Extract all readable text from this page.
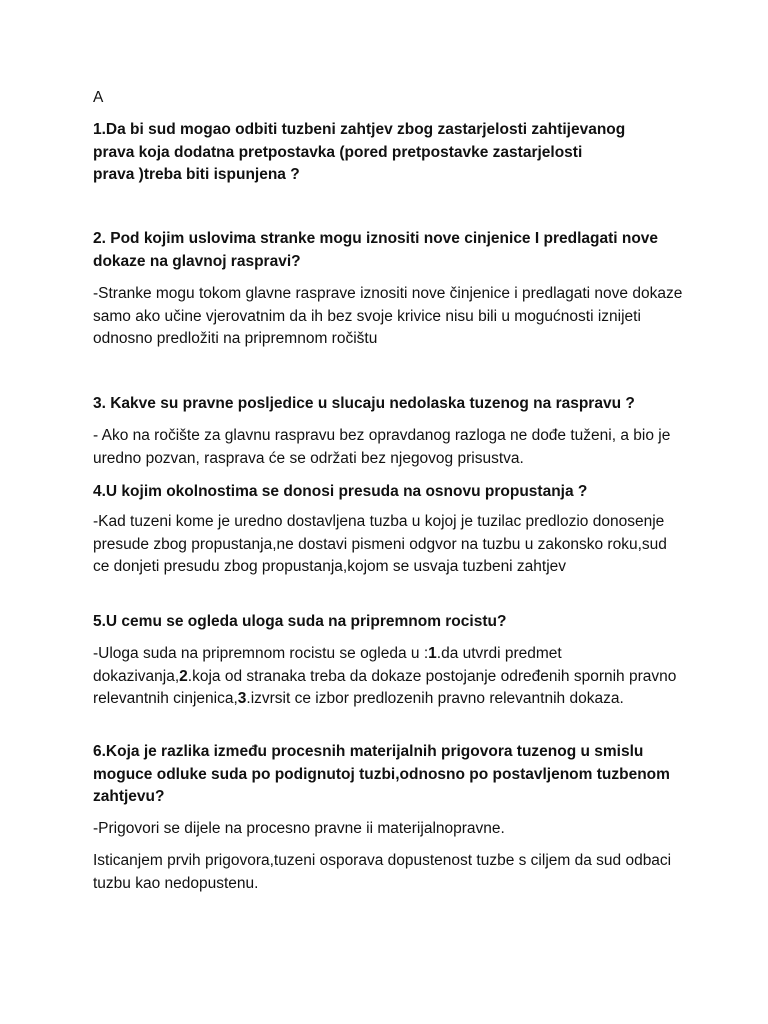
A

1.Da bi sud mogao odbiti tuzbeni zahtjev zbog zastarjelosti zahtijevanog
prava koja dodatna pretpostavka (pored pretpostavke zastarjelosti
prava )treba biti ispunjena ?

2. Pod kojim uslovima stranke mogu iznositi nove cinjenice I predlagati nove dokaze na glavnoj raspravi?

-Stranke mogu tokom glavne rasprave iznositi nove činjenice i predlagati nove dokaze samo ako učine vjerovatnim da ih bez svoje krivice nisu bili u mogućnosti iznijeti odnosno predložiti na pripremnom ročištu

3. Kakve su pravne posljedice u slucaju nedolaska tuzenog na raspravu ?

- Ako na ročište za glavnu raspravu bez opravdanog razloga ne dođe tuženi, a bio je uredno pozvan, rasprava će se održati bez njegovog prisustva.

4.U kojim okolnostima se donosi presuda na osnovu propustanja ?

-Kad tuzeni kome je uredno dostavljena tuzba u kojoj je tuzilac predlozio donosenje presude zbog propustanja,ne dostavi pismeni odgvor na tuzbu u zakonsko roku,sud ce donjeti presudu zbog propustanja,kojom se usvaja tuzbeni zahtjev

5.U cemu se ogleda uloga suda na pripremnom rocistu?

-Uloga suda na pripremnom rocistu se ogleda u :1.da utvrdi predmet dokazivanja,2.koja od stranaka treba da dokaze postojanje određenih spornih pravno relevantnih cinjenica,3.izvrsit ce izbor predlozenih pravno relevantnih dokaza.

6.Koja je razlika između procesnih materijalnih prigovora tuzenog u smislu moguce odluke suda po podignutoj tuzbi,odnosno po postavljenom tuzbenom zahtjevu?

-Prigovori se dijele na procesno pravne ii materijalnopravne.

Isticanjem prvih prigovora,tuzeni osporava dopustenost tuzbe s ciljem da sud odbaci tuzbu kao nedopustenu.
